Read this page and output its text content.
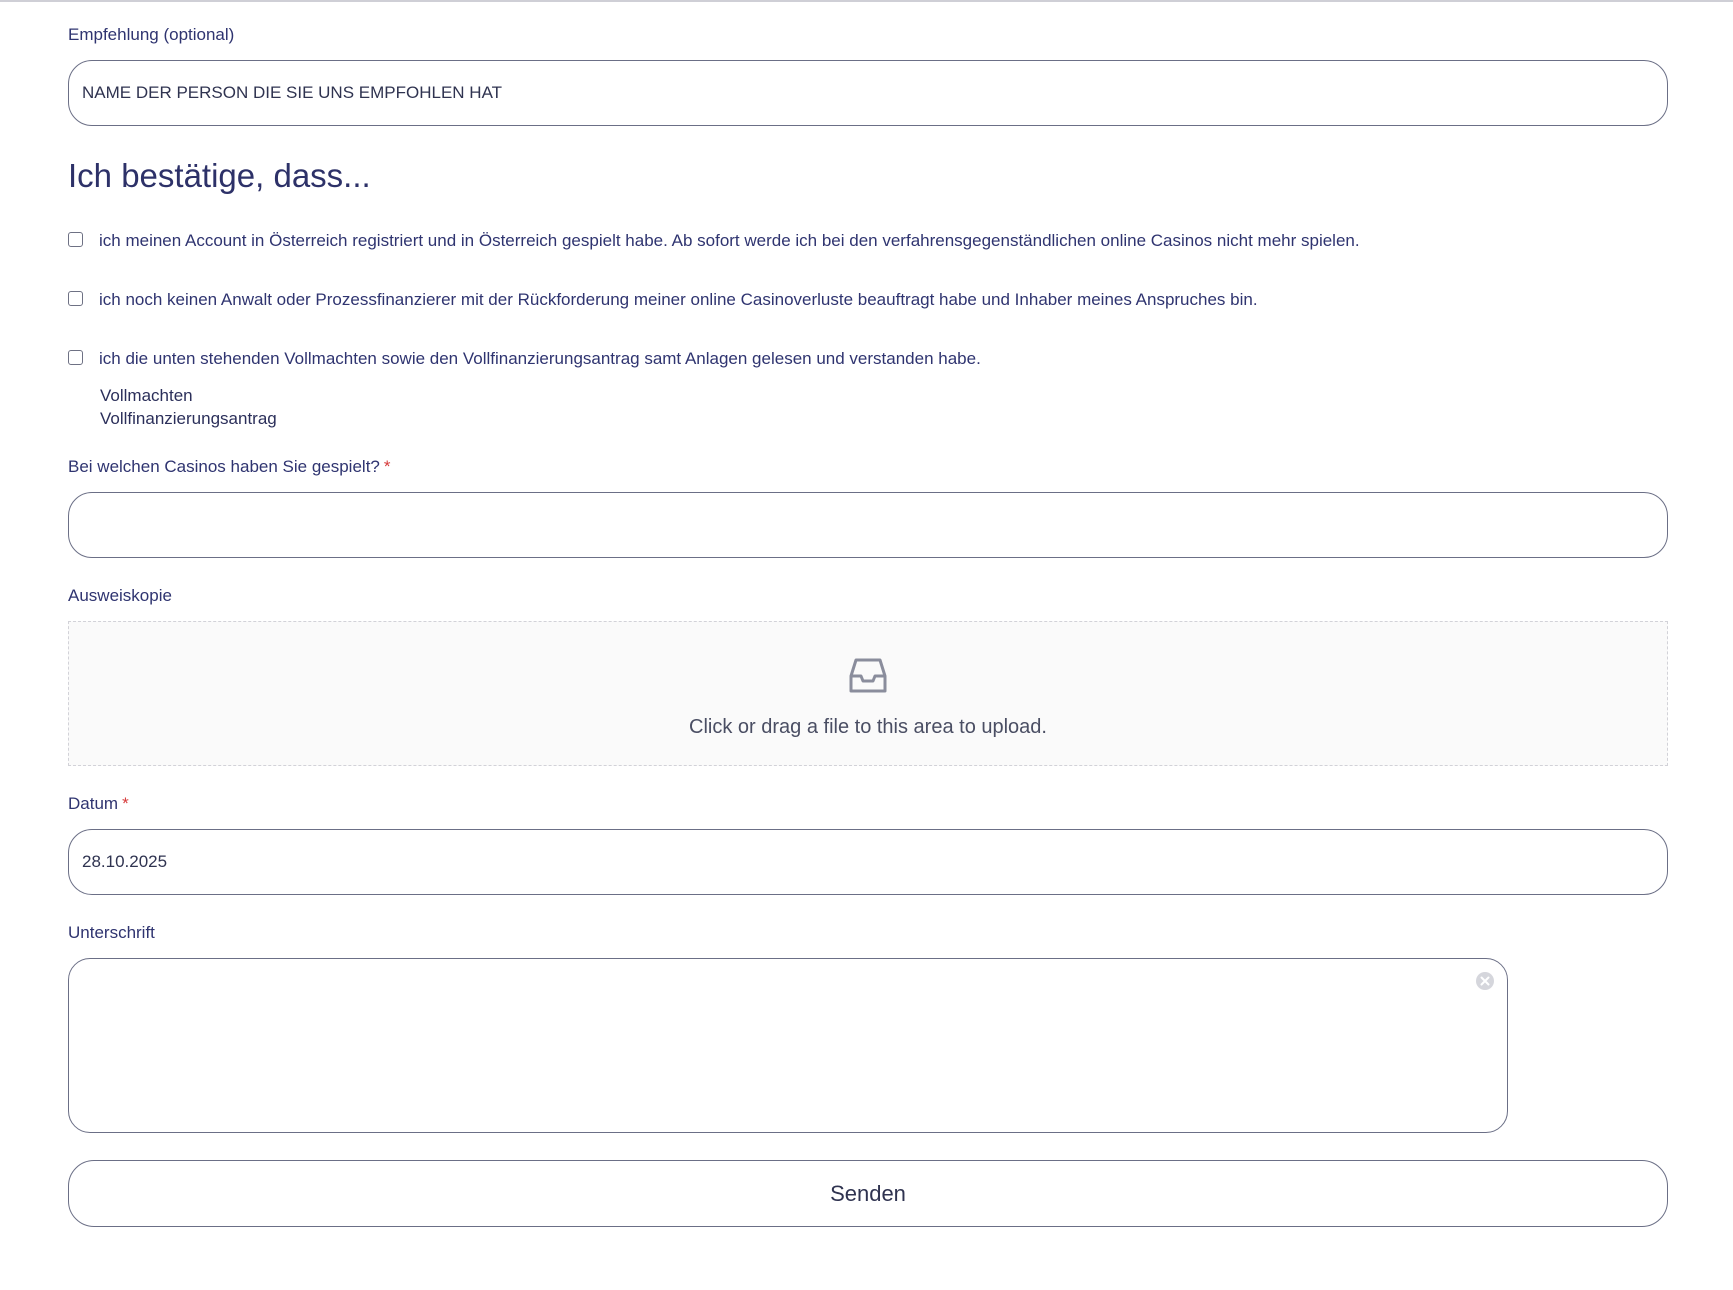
Empfehlung (optional)
NAME DER PERSON DIE SIE UNS EMPFOHLEN HAT
Ich bestätige, dass...
ich meinen Account in Österreich registriert und in Österreich gespielt habe. Ab sofort werde ich bei den verfahrensgegenständlichen online Casinos nicht mehr spielen.
ich noch keinen Anwalt oder Prozessfinanzierer mit der Rückforderung meiner online Casinoverluste beauftragt habe und Inhaber meines Anspruches bin.
ich die unten stehenden Vollmachten sowie den Vollfinanzierungsantrag samt Anlagen gelesen und verstanden habe.
Vollmachten
Vollfinanzierungsantrag
Bei welchen Casinos haben Sie gespielt? *
Ausweiskopie
Click or drag a file to this area to upload.
Datum *
28.10.2025
Unterschrift
Senden
